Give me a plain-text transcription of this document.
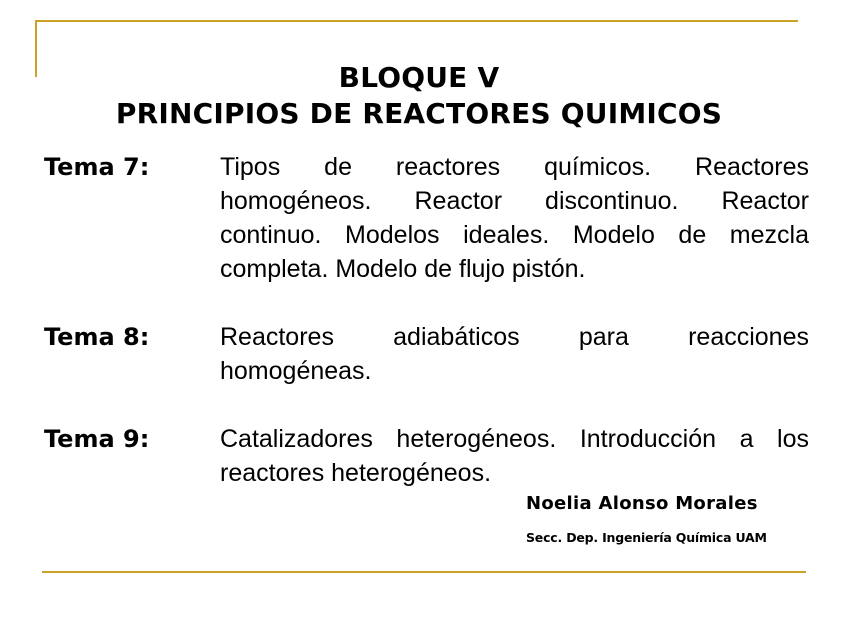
BLOQUE V
PRINCIPIOS DE REACTORES QUIMICOS
Tema 7:	Tipos de reactores químicos. Reactores homogéneos. Reactor discontinuo. Reactor continuo. Modelos ideales. Modelo de mezcla completa. Modelo de flujo pistón.
Tema 8:	Reactores adiabáticos para reacciones homogéneas.
Tema 9:	Catalizadores heterogéneos. Introducción a los reactores heterogéneos.
Noelia Alonso Morales
Secc. Dep. Ingeniería Química UAM
